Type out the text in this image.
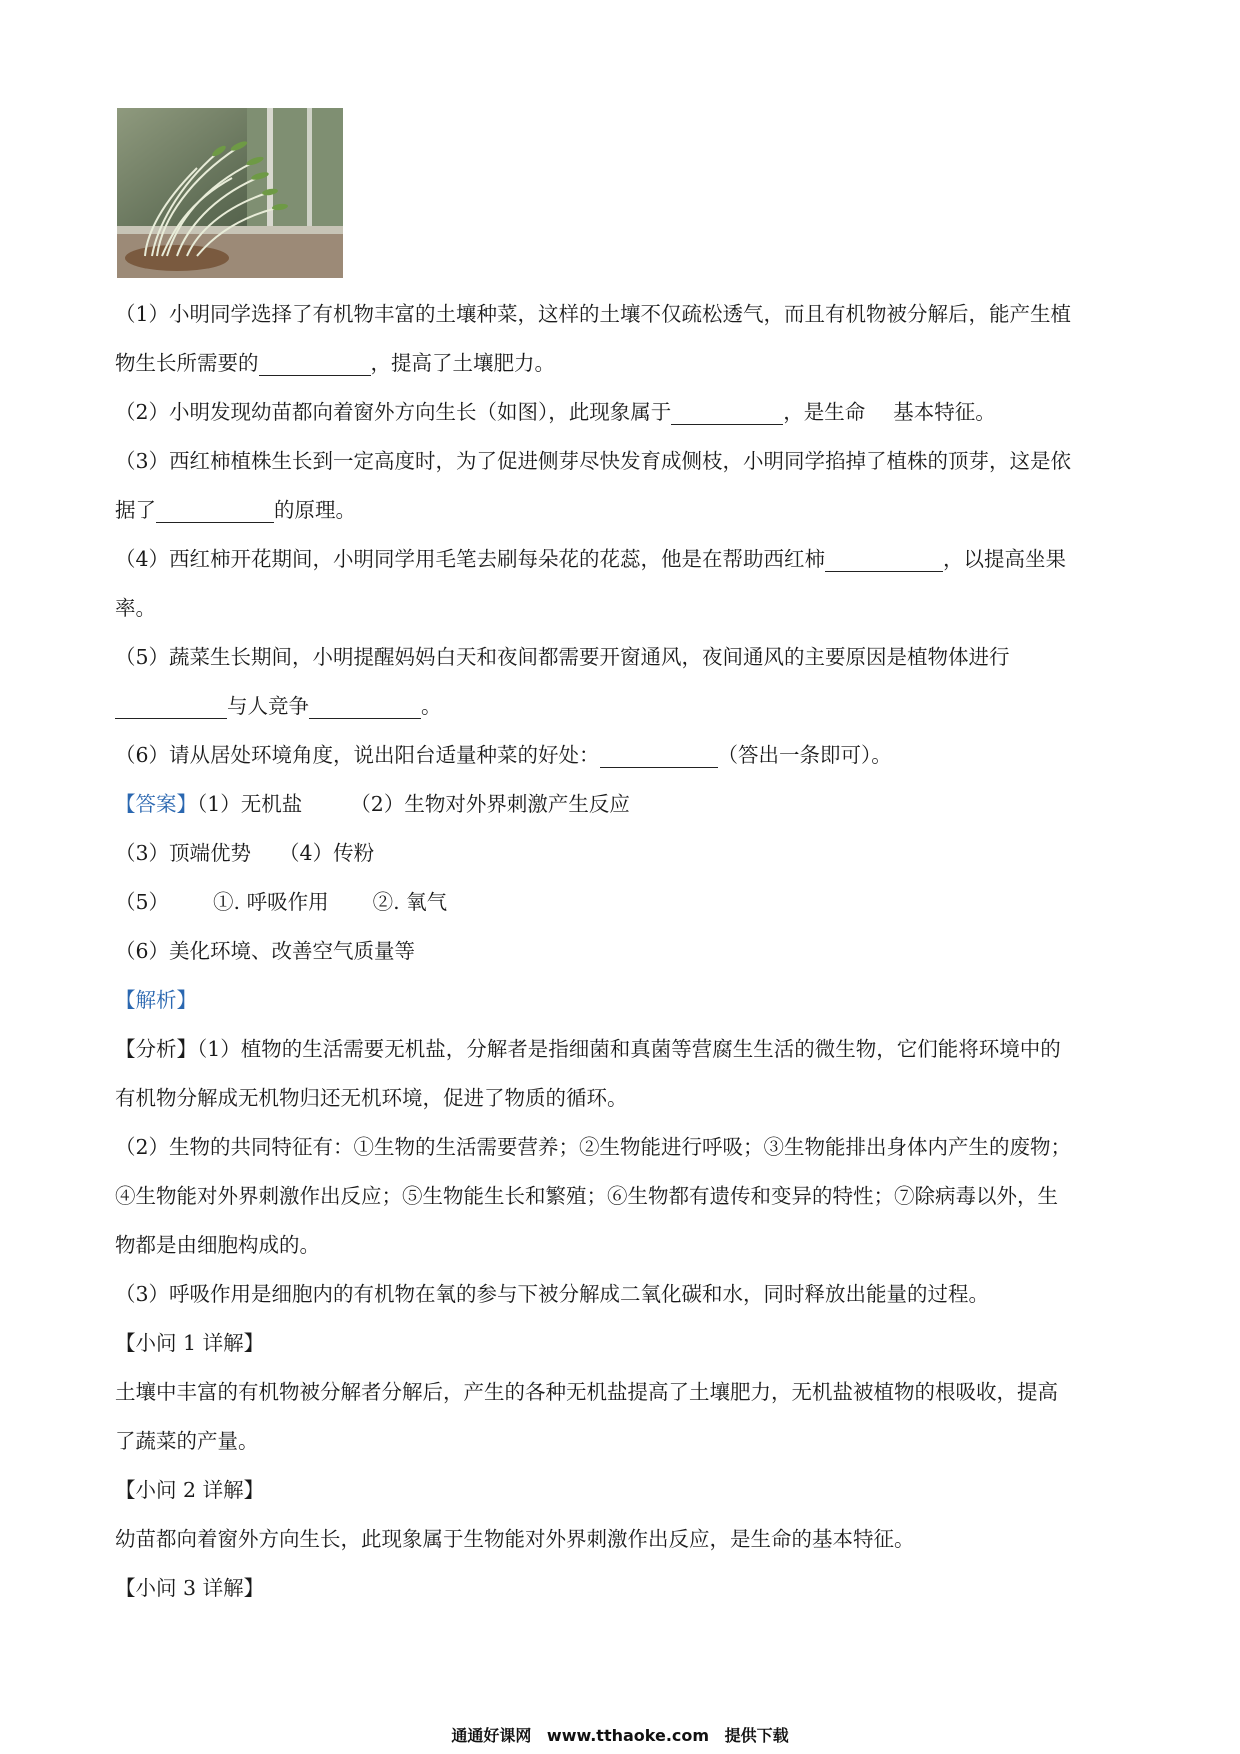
（1）小明同学选择了有机物丰富的土壤种菜，这样的土壤不仅疏松透气，而且有机物被分解后，能产生植
物生长所需要的	，提高了土壤肥力。
（2）小明发现幼苗都向着窗外方向生长（如图），此现象属于	，是生命 基本特征。
（3）西红柿植株生长到一定高度时，为了促进侧芽尽快发育成侧枝，小明同学掐掉了植株的顶芽，这是依
据了	的原理。
（4）西红柿开花期间，小明同学用毛笔去刷每朵花的花蕊，他是在帮助西红柿	，以提高坐果
率。
（5）蔬菜生长期间，小明提醒妈妈白天和夜间都需要开窗通风，夜间通风的主要原因是植物体进行
与人竞争	。
（6）请从居处环境角度，说出阳台适量种菜的好处：	（答出一条即可）。
【答案】（1）无机盐 （2）生物对外界刺激产生反应
（3）顶端优势 （4）传粉
（5） ①. 呼吸作用 ②. 氧气
（6）美化环境、改善空气质量等
【解析】
【分析】（1）植物的生活需要无机盐，分解者是指细菌和真菌等营腐生生活的微生物，它们能将环境中的
有机物分解成无机物归还无机环境，促进了物质的循环。
（2）生物的共同特征有：①生物的生活需要营养；②生物能进行呼吸；③生物能排出身体内产生的废物；
④生物能对外界刺激作出反应；⑤生物能生长和繁殖；⑥生物都有遗传和变异的特性；⑦除病毒以外，生
物都是由细胞构成的。
（3）呼吸作用是细胞内的有机物在氧的参与下被分解成二氧化碳和水，同时释放出能量的过程。
【小问 1 详解】
土壤中丰富的有机物被分解者分解后，产生的各种无机盐提高了土壤肥力，无机盐被植物的根吸收，提高
了蔬菜的产量。
【小问 2 详解】
幼苗都向着窗外方向生长，此现象属于生物能对外界刺激作出反应，是生命的基本特征。
【小问 3 详解】
通通好课网 www.tthaoke.com 提供下载
